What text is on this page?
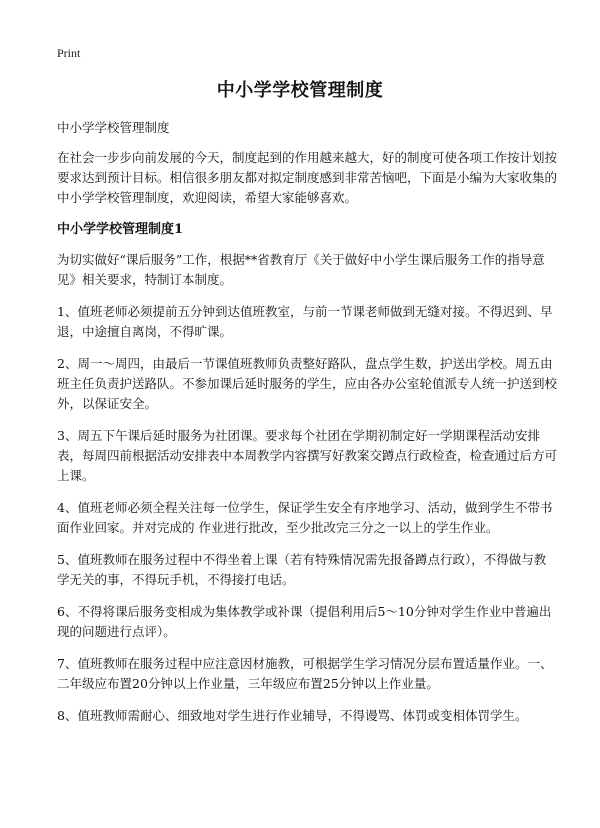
Print
中小学学校管理制度

中小学学校管理制度

在社会一步步向前发展的今天，制度起到的作用越来越大，好的制度可使各项工作按计划按要求达到预计目标。相信很多朋友都对拟定制度感到非常苦恼吧，下面是小编为大家收集的中小学学校管理制度，欢迎阅读，希望大家能够喜欢。

中小学学校管理制度1

为切实做好“课后服务”工作，根据**省教育厅《关于做好中小学生课后服务工作的指导意见》相关要求，特制订本制度。

1、值班老师必须提前五分钟到达值班教室，与前一节课老师做到无缝对接。不得迟到、早退，中途擅自离岗，不得旷课。

2、周一～周四，由最后一节课值班教师负责整好路队，盘点学生数，护送出学校。周五由班主任负责护送路队。不参加课后延时服务的学生，应由各办公室轮值派专人统一护送到校外，以保证安全。

3、周五下午课后延时服务为社团课。要求每个社团在学期初制定好一学期课程活动安排表，每周四前根据活动安排表中本周教学内容撰写好教案交蹲点行政检查，检查通过后方可上课。

4、值班老师必须全程关注每一位学生，保证学生安全有序地学习、活动，做到学生不带书面作业回家。并对完成的 作业进行批改，至少批改完三分之一以上的学生作业。

5、值班教师在服务过程中不得坐着上课（若有特殊情况需先报备蹲点行政），不得做与教学无关的事，不得玩手机，不得接打电话。

6、不得将课后服务变相成为集体教学或补课（提倡利用后5～10分钟对学生作业中普遍出现的问题进行点评）。

7、值班教师在服务过程中应注意因材施教，可根据学生学习情况分层布置适量作业。一、二年级应布置20分钟以上作业量，三年级应布置25分钟以上作业量。

8、值班教师需耐心、细致地对学生进行作业辅导，不得谩骂、体罚或变相体罚学生。
